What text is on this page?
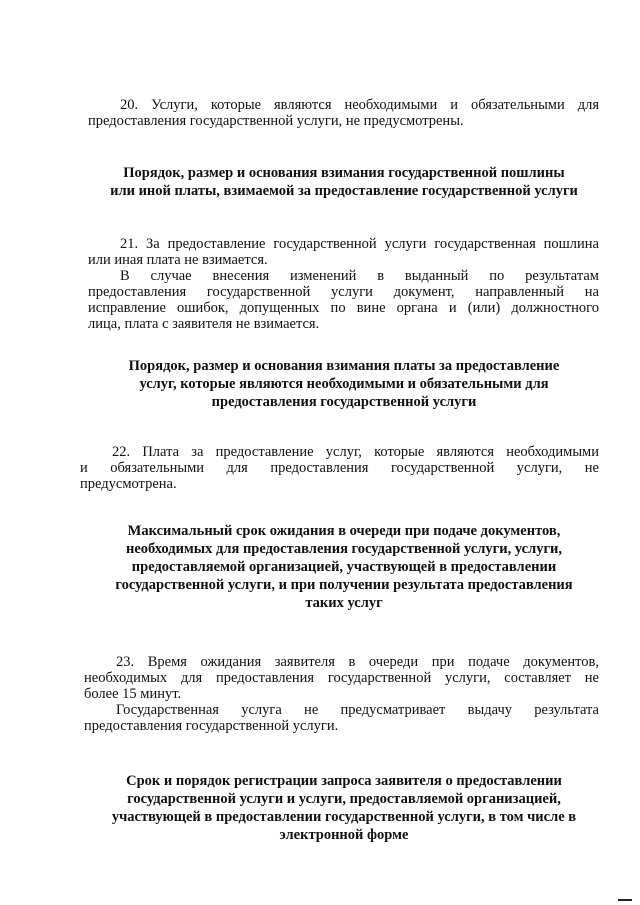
20. Услуги, которые являются необходимыми и обязательными для
предоставления государственной услуги, не предусмотрены.
Порядок, размер и основания взимания государственной пошлины
или иной платы, взимаемой за предоставление государственной услуги
21. За предоставление государственной услуги государственная пошлина
или иная плата не взимается.
В случае внесения изменений в выданный по результатам
предоставления государственной услуги документ, направленный на
исправление ошибок, допущенных по вине органа и (или) должностного
лица, плата с заявителя не взимается.
Порядок, размер и основания взимания платы за предоставление
услуг, которые являются необходимыми и обязательными для
предоставления государственной услуги
22. Плата за предоставление услуг, которые являются необходимыми
и обязательными для предоставления государственной услуги, не
предусмотрена.
Максимальный срок ожидания в очереди при подаче документов,
необходимых для предоставления государственной услуги, услуги,
предоставляемой организацией, участвующей в предоставлении
государственной услуги, и при получении результата предоставления
таких услуг
23. Время ожидания заявителя в очереди при подаче документов,
необходимых для предоставления государственной услуги, составляет не
более 15 минут.
Государственная услуга не предусматривает выдачу результата
предоставления государственной услуги.
Срок и порядок регистрации запроса заявителя о предоставлении
государственной услуги и услуги, предоставляемой организацией,
участвующей в предоставлении государственной услуги, в том числе в
электронной форме
